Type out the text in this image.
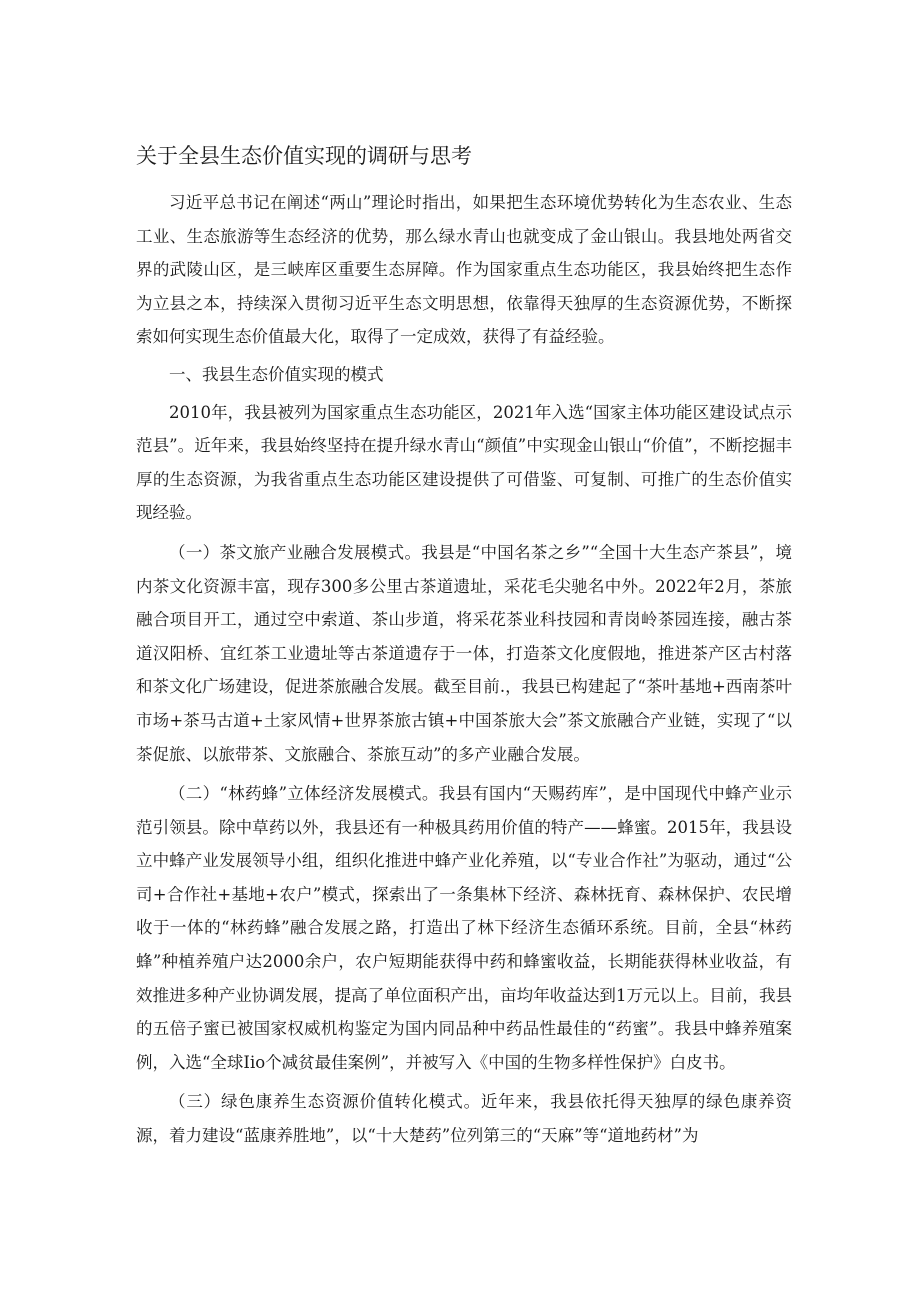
关于全县生态价值实现的调研与思考

习近平总书记在阐述“两山”理论时指出，如果把生态环境优势转化为生态农业、生态工业、生态旅游等生态经济的优势，那么绿水青山也就变成了金山银山。我县地处两省交界的武陵山区，是三峡库区重要生态屏障。作为国家重点生态功能区，我县始终把生态作为立县之本，持续深入贯彻习近平生态文明思想，依靠得天独厚的生态资源优势，不断探索如何实现生态价值最大化，取得了一定成效，获得了有益经验。

一、我县生态价值实现的模式

2010年，我县被列为国家重点生态功能区，2021年入选“国家主体功能区建设试点示范县”。近年来，我县始终坚持在提升绿水青山“颜值”中实现金山银山“价值”，不断挖掘丰厚的生态资源，为我省重点生态功能区建设提供了可借鉴、可复制、可推广的生态价值实现经验。

（一）茶文旅产业融合发展模式。我县是“中国名茶之乡”“全国十大生态产茶县”，境内茶文化资源丰富，现存300多公里古茶道遗址，采花毛尖驰名中外。2022年2月，茶旅融合项目开工，通过空中索道、茶山步道，将采花茶业科技园和青岗岭茶园连接，融古茶道汉阳桥、宜红茶工业遗址等古茶道遗存于一体，打造茶文化度假地，推进茶产区古村落和茶文化广场建设，促进茶旅融合发展。截至目前.，我县已构建起了“茶叶基地+西南茶叶市场+茶马古道+土家风情+世界茶旅古镇+中国茶旅大会”茶文旅融合产业链，实现了“以茶促旅、以旅带茶、文旅融合、茶旅互动”的多产业融合发展。

（二）“林药蜂”立体经济发展模式。我县有国内“天赐药库”，是中国现代中蜂产业示范引领县。除中草药以外，我县还有一种极具药用价值的特产——蜂蜜。2015年，我县设立中蜂产业发展领导小组，组织化推进中蜂产业化养殖，以“专业合作社”为驱动，通过“公司+合作社+基地+农户”模式，探索出了一条集林下经济、森林抚育、森林保护、农民增收于一体的“林药蜂”融合发展之路，打造出了林下经济生态循环系统。目前，全县“林药蜂”种植养殖户达2000余户，农户短期能获得中药和蜂蜜收益，长期能获得林业收益，有效推进多种产业协调发展，提高了单位面积产出，亩均年收益达到1万元以上。目前，我县的五倍子蜜已被国家权威机构鉴定为国内同品种中药品性最佳的“药蜜”。我县中蜂养殖案例，入选“全球Iio个减贫最佳案例”，并被写入《中国的生物多样性保护》白皮书。

（三）绿色康养生态资源价值转化模式。近年来，我县依托得天独厚的绿色康养资源，着力建设“蓝康养胜地”，以“十大楚药”位列第三的“天麻”等“道地药材”为
